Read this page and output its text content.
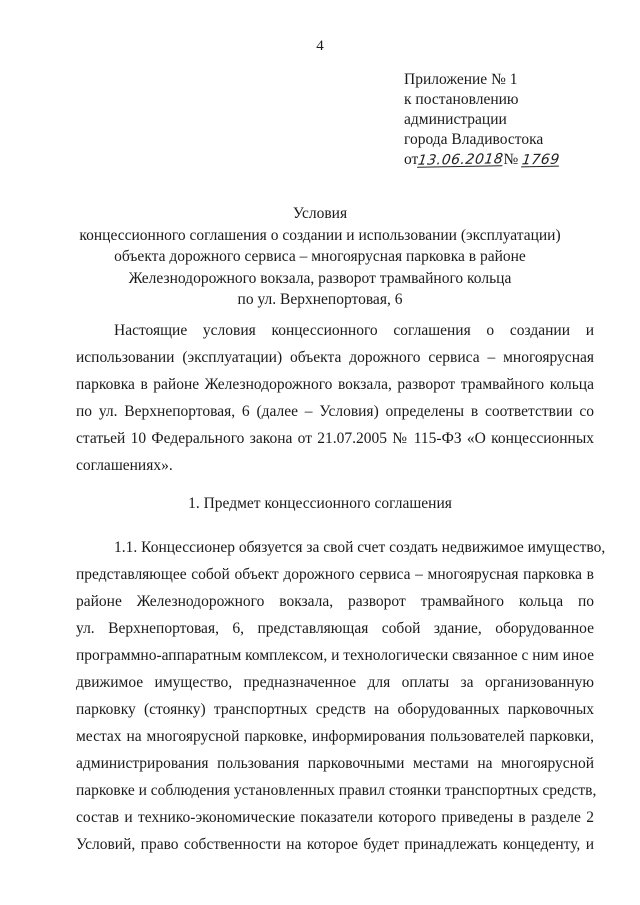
4
Приложение № 1
к постановлению
администрации
города Владивостока
от13.06.2018№ 1769
Условия
концессионного соглашения о создании и использовании (эксплуатации)
объекта дорожного сервиса – многоярусная парковка в районе
Железнодорожного вокзала, разворот трамвайного кольца
по ул. Верхнепортовая, 6
Настоящие условия концессионного соглашения о создании и
использовании (эксплуатации) объекта дорожного сервиса – многоярусная
парковка в районе Железнодорожного вокзала, разворот трамвайного кольца
по ул. Верхнепортовая, 6 (далее – Условия) определены в соответствии со
статьей 10 Федерального закона от 21.07.2005 № 115-ФЗ «О концессионных
соглашениях».
1. Предмет концессионного соглашения
1.1. Концессионер обязуется за свой счет создать недвижимое имущество,
представляющее собой объект дорожного сервиса – многоярусная парковка в
районе Железнодорожного вокзала, разворот трамвайного кольца по
ул. Верхнепортовая, 6, представляющая собой здание, оборудованное
программно-аппаратным комплексом, и технологически связанное с ним иное
движимое имущество, предназначенное для оплаты за организованную
парковку (стоянку) транспортных средств на оборудованных парковочных
местах на многоярусной парковке, информирования пользователей парковки,
администрирования пользования парковочными местами на многоярусной
парковке и соблюдения установленных правил стоянки транспортных средств,
состав и технико-экономические показатели которого приведены в разделе 2
Условий, право собственности на которое будет принадлежать концеденту, и
